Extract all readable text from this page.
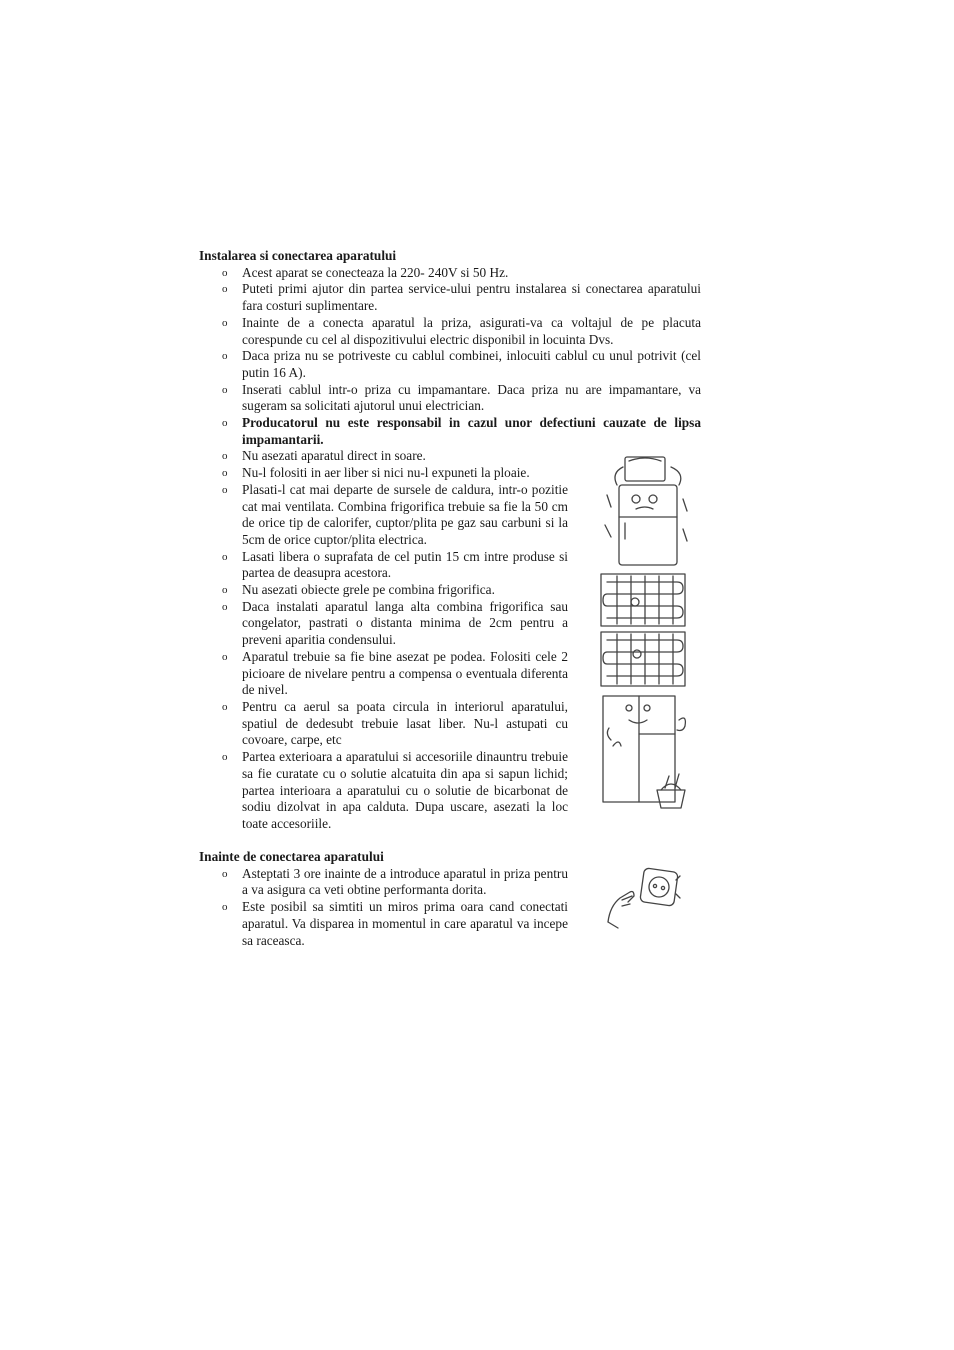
Instalarea si conectarea aparatului

o Acest aparat se conecteaza la 220- 240V si 50 Hz.
o Puteti primi ajutor din partea service-ului pentru instalarea si conectarea aparatului fara costuri suplimentare.
o Inainte de a conecta aparatul la priza, asigurati-va ca voltajul de pe placuta corespunde cu cel al dispozitivului electric disponibil in locuinta Dvs.
o Daca priza nu se potriveste cu cablul combinei, inlocuiti cablul cu unul potrivit (cel putin 16 A).
o Inserati cablul intr-o priza cu impamantare. Daca priza nu are impamantare, va sugeram sa solicitati ajutorul unui electrician.
o Producatorul nu este responsabil in cazul unor defectiuni cauzate de lipsa impamantarii.
o Nu asezati aparatul direct in soare.
o Nu-l folositi in aer liber si nici nu-l expuneti la ploaie.
o Plasati-l cat mai departe de sursele de caldura, intr-o pozitie cat mai ventilata. Combina frigorifica trebuie sa fie la 50 cm de orice tip de calorifer, cuptor/plita pe gaz sau carbuni si la 5cm de orice cuptor/plita electrica.
o Lasati libera o suprafata de cel putin 15 cm intre produse si partea de deasupra acestora.
o Nu asezati obiecte grele pe combina frigorifica.
o Daca instalati aparatul langa alta combina frigorifica sau congelator, pastrati o distanta minima de 2cm pentru a preveni aparitia condensului.
o Aparatul trebuie sa fie bine asezat pe podea. Folositi cele 2 picioare de nivelare pentru a compensa o eventuala diferenta de nivel.
o Pentru ca aerul sa poata circula in interiorul aparatului, spatiul de dedesubt trebuie lasat liber. Nu-l astupati cu covoare, carpe, etc
o Partea exterioara a aparatului si accesoriile dinauntru trebuie sa fie curatate cu o solutie alcatuita din apa si sapun lichid; partea interioara a aparatului cu o solutie de bicarbonat de sodiu dizolvat in apa calduta. Dupa uscare, asezati la loc toate accesoriile.

Inainte de conectarea aparatului

o Asteptati 3 ore inainte de a introduce aparatul in priza pentru a va asigura ca veti obtine performanta dorita.
o Este posibil sa simtiti un miros prima oara cand conectati aparatul. Va disparea in momentul in care aparatul va incepe sa raceasca.
